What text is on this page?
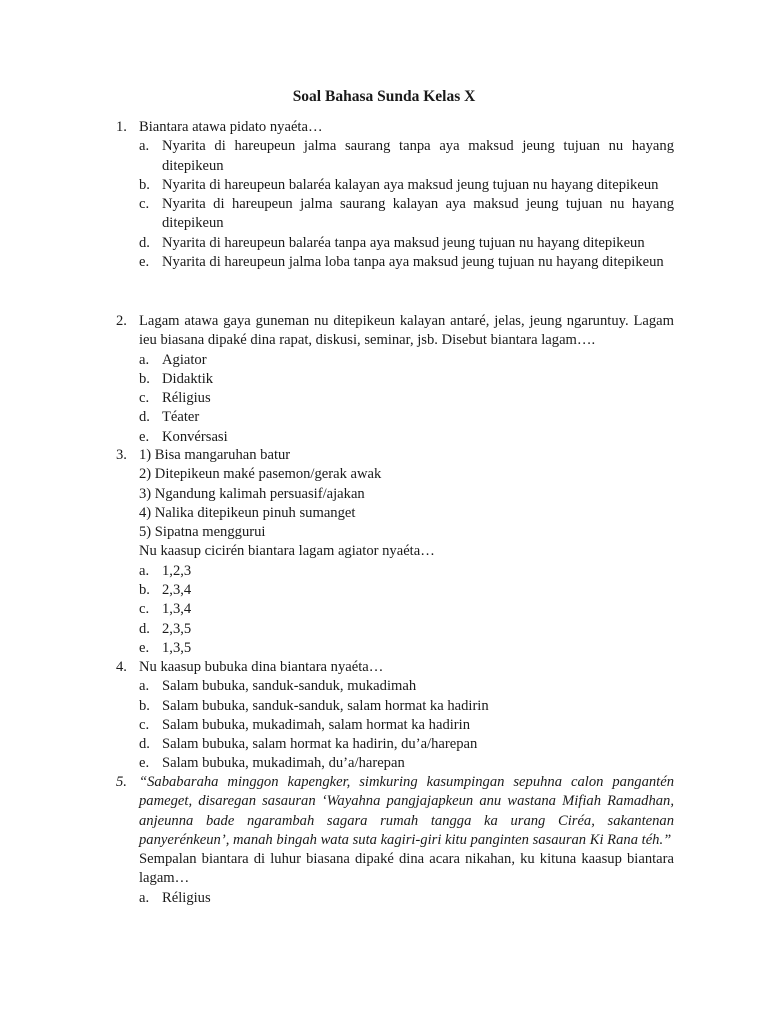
Soal Bahasa Sunda Kelas X
1. Biantara atawa pidato nyaéta…
a. Nyarita di hareupeun jalma saurang tanpa aya maksud jeung tujuan nu hayang ditepikeun
b. Nyarita di hareupeun balaréa kalayan aya maksud jeung tujuan nu hayang ditepikeun
c. Nyarita di hareupeun jalma saurang kalayan aya maksud jeung tujuan nu hayang ditepikeun
d. Nyarita di hareupeun balaréa tanpa aya maksud jeung tujuan nu hayang ditepikeun
e. Nyarita di hareupeun jalma loba tanpa aya maksud jeung tujuan nu hayang ditepikeun
2. Lagam atawa gaya guneman nu ditepikeun kalayan antaré, jelas, jeung ngaruntuy. Lagam ieu biasana dipaké dina rapat, diskusi, seminar, jsb. Disebut biantara lagam….
a. Agiator
b. Didaktik
c. Réligius
d. Téater
e. Konvérsasi
3. 1) Bisa mangaruhan batur
2) Ditepikeun maké pasemon/gerak awak
3) Ngandung kalimah persuasif/ajakan
4) Nalika ditepikeun pinuh sumanget
5) Sipatna menggurui
Nu kaasup cicirén biantara lagam agiator nyaéta…
a. 1,2,3
b. 2,3,4
c. 1,3,4
d. 2,3,5
e. 1,3,5
4. Nu kaasup bubuka dina biantara nyaéta…
a. Salam bubuka, sanduk-sanduk, mukadimah
b. Salam bubuka, sanduk-sanduk, salam hormat ka hadirin
c. Salam bubuka, mukadimah, salam hormat ka hadirin
d. Salam bubuka, salam hormat ka hadirin, du’a/harepan
e. Salam bubuka, mukadimah, du’a/harepan
5. “Sababaraha minggon kapengker, simkuring kasumpingan sepuhna calon pangantén pameget, disaregan sasauran ‘Wayahna pangjajapkeun anu wastana Mifiah Ramadhan, anjeunna bade ngarambah sagara rumah tangga ka urang Ciréa, sakantenan panyerénkeun’, manah bingah wata suta kagiri-giri kitu panginten sasauran Ki Rana téh.”
Sempalan biantara di luhur biasana dipaké dina acara nikahan, ku kituna kaasup biantara lagam…
a. Réligius
